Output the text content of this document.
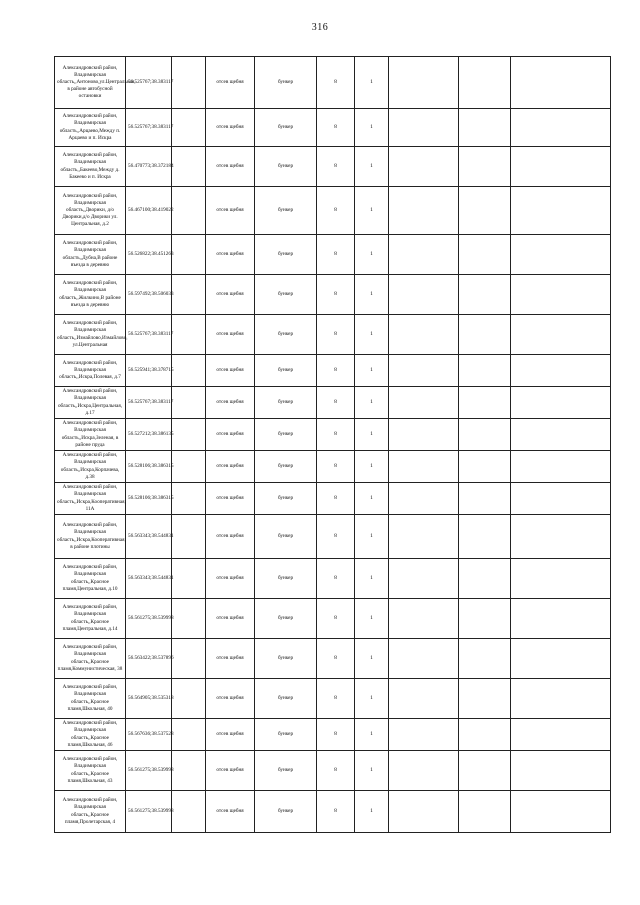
316
Александровский район, Владимирская область,,Антоново,ул.Центральная, в районе автобусной остановки	56.525767;38.383117		отсев щебня	бункер	8	1			
Александровский район, Владимирская область,,Арцаево,Между п. Арцаево и п. Искра	56.525767;38.383117		отсев щебня	бункер	8	1			
Александровский район, Владимирская область,,Бакеево,Между д. Бакеево и п. Искра	56.470773;38.372184		отсев щебня	бункер	8	1			
Александровский район, Владимирская область,,Дворики, д/о Дворики,д/о Дворики ул. Центральная, д.2	56.467100;38.419022		отсев щебня	бункер	8	1			
Александровский район, Владимирская область,,Дубна,В районе въезда в деревню	56.526822;38.451263		отсев щебня	бункер	8	1			
Александровский район, Владимирская область,,Жилкино,В районе въезда в деревню	56.597492;38.506033		отсев щебня	бункер	8	1			
Александровский район, Владимирская область,,Измайлово,Измайлово, ул.Центральная	56.525767;38.383117		отсев щебня	бункер	8	1			
Александровский район, Владимирская область,,Искра,Полевая, д.7	56.525941;38.378715		отсев щебня	бункер	8	1			
Александровский район, Владимирская область,,Искра,Центральная, д.17	56.525767;38.383117		отсев щебня	бункер	8	1			
Александровский район, Владимирская область,,Искра,Зеленая, в районе пруда	56.527212;38.386135		отсев щебня	бункер	8	1			
Александровский район, Владимирская область,,Искра,Корпачева, д.38	56.528106;38.386315		отсев щебня	бункер	8	1			
Александровский район, Владимирская область,,Искра,Кооперативная, 11А	56.528106;38.386315		отсев щебня	бункер	8	1			
Александровский район, Владимирская область,,Искра,Кооперативная, в районе плотины	56.563343;38.544831		отсев щебня	бункер	8	1			
Александровский район, Владимирская область,,Красное пламя,Центральная, д.10	56.563343;38.544831		отсев щебня	бункер	8	1			
Александровский район, Владимирская область,,Красное пламя,Центральная, д.14	56.561275;38.539998		отсев щебня	бункер	8	1			
Александровский район, Владимирская область,,Красное пламя,Коммунистическая, 38	56.563422;38.537896		отсев щебня	бункер	8	1			
Александровский район, Владимирская область,,Красное пламя,Школьная, 40	56.564905;38.535318		отсев щебня	бункер	8	1			
Александровский район, Владимирская область,,Красное пламя,Школьная, 46	56.567636;38.537528		отсев щебня	бункер	8	1			
Александровский район, Владимирская область,,Красное пламя,Школьная, 43	56.561275;38.539998		отсев щебня	бункер	8	1			
Александровский район, Владимирская область,,Красное пламя,Пролетарская, 4	56.561275;38.539998		отсев щебня	бункер	8	1			
